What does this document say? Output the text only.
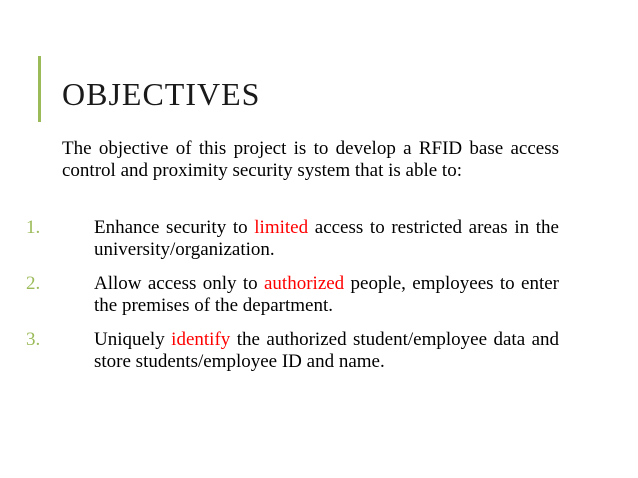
OBJECTIVES
The objective of this project is to develop a RFID base access control and proximity security system that is able to:
1.	Enhance security to limited access to restricted areas in the university/organization.
2.	Allow access only to authorized people, employees to enter the premises of the department.
3.	Uniquely identify the authorized student/employee data and store students/employee ID and name.
